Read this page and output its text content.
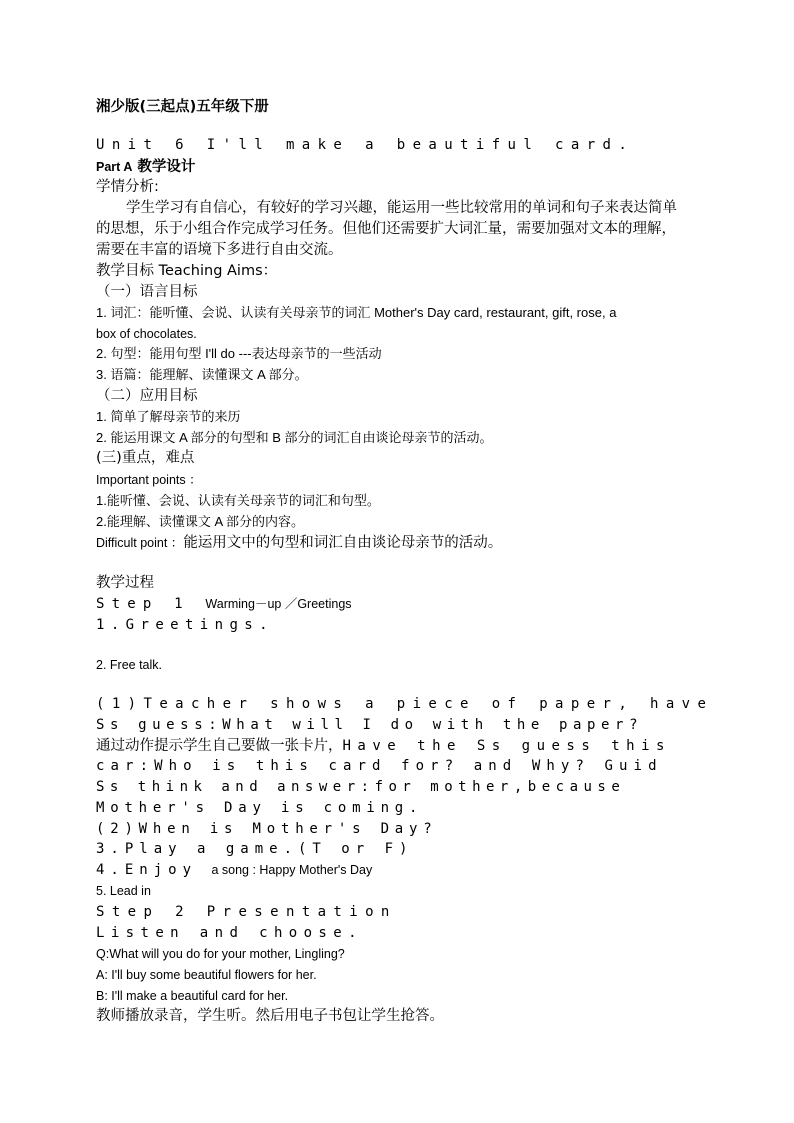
湘少版(三起点)五年级下册
Unit 6 I'll make a beautiful card.
Part A 教学设计
学情分析:
学生学习有自信心，有较好的学习兴趣，能运用一些比较常用的单词和句子来表达简单
的思想，乐于小组合作完成学习任务。但他们还需要扩大词汇量，需要加强对文本的理解，
需要在丰富的语境下多进行自由交流。
教学目标 Teaching Aims：
（一）语言目标
1. 词汇：能听懂、会说、认读有关母亲节的词汇 Mother's Day card, restaurant, gift, rose, a
box of chocolates.
2. 句型：能用句型 I'll do ---表达母亲节的一些活动
3. 语篇：能理解、读懂课文 A 部分。
（二）应用目标
1. 简单了解母亲节的来历
2. 能运用课文 A 部分的句型和 B 部分的词汇自由谈论母亲节的活动。
(三)重点，难点
Important points ：
1.能听懂、会说、认读有关母亲节的词汇和句型。
2.能理解、读懂课文 A 部分的内容。
Difficult point ：能运用文中的句型和词汇自由谈论母亲节的活动。
教学过程
Step 1 Warming－up ／Greetings
1.Greetings.
2. Free talk.
(1)Teacher shows a piece of paper, have
Ss guess:What will I do with the paper?
通过动作提示学生自己要做一张卡片，Have the Ss guess this
car:Who is this card for? and Why? Guid
Ss think and answer:for mother,because
Mother's Day is coming.
(2)When is Mother's Day?
3.Play a game.(T or F)
4.Enjoy a song : Happy Mother's Day
5. Lead in
Step 2 Presentation
Listen and choose.
Q:What will you do for your mother, Lingling?
A: I'll buy some beautiful flowers for her.
B: I'll make a beautiful card for her.
教师播放录音，学生听。然后用电子书包让学生抢答。
